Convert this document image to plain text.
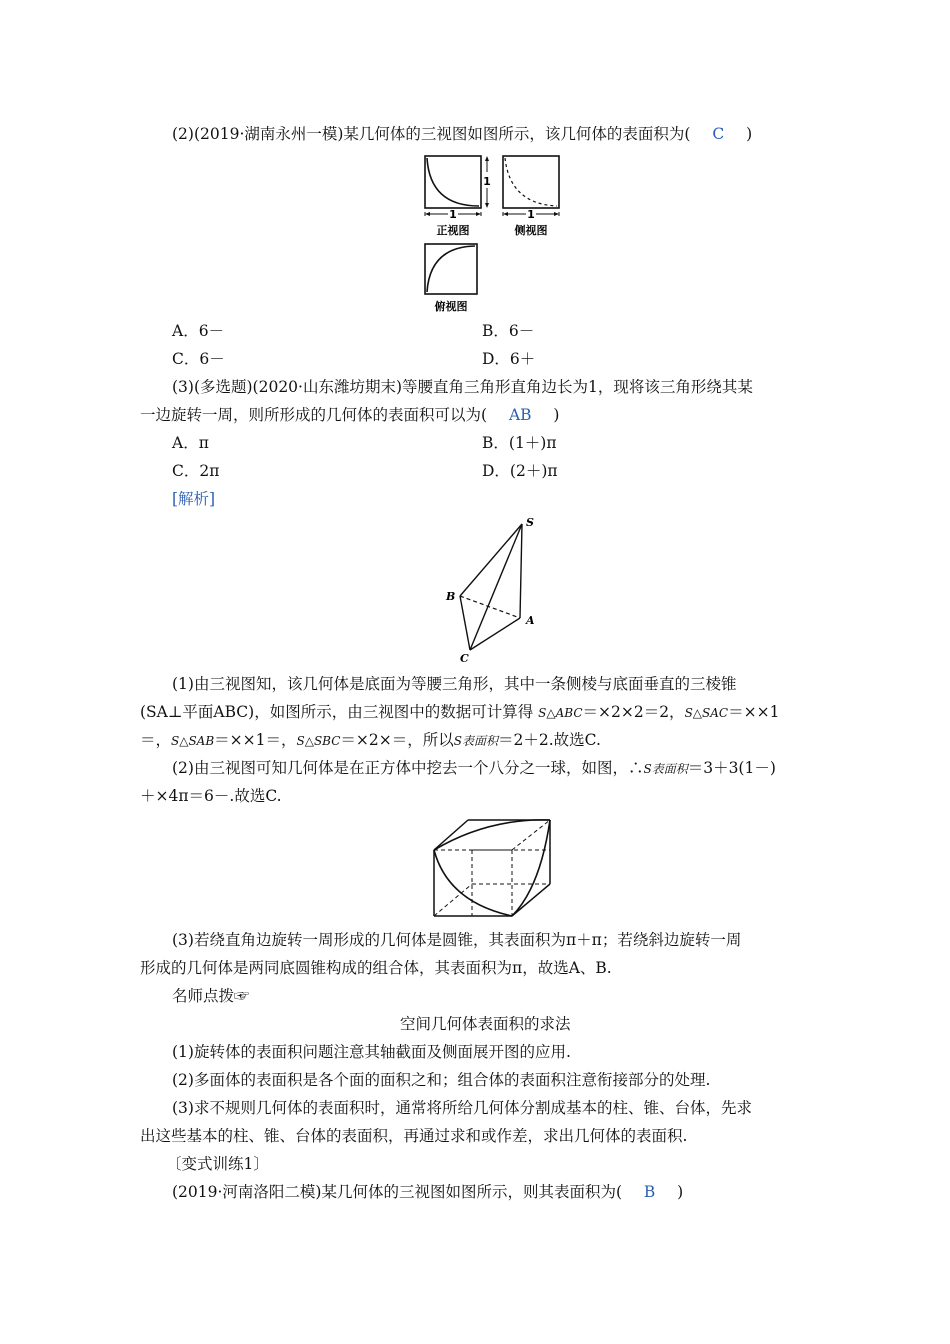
(2)(2019·湖南永州一模)某几何体的三视图如图所示，该几何体的表面积为( C )
1
1
1
正视图	侧视图
俯视图
A．6－	B．6－
C．6－	D．6＋
(3)(多选题)(2020·山东潍坊期末)等腰直角三角形直角边长为1，现将该三角形绕其某
一边旋转一周，则所形成的几何体的表面积可以为( AB )
A．π	B．(1＋)π
C．2π	D．(2＋)π
[解析]
S
B
A
C
(1)由三视图知，该几何体是底面为等腰三角形，其中一条侧棱与底面垂直的三棱锥
(SA⊥平面ABC)，如图所示，由三视图中的数据可计算得 S△ABC＝×2×2＝2，S△SAC＝××1
＝，S△SAB＝××1＝，S△SBC＝×2×＝，所以S表面积＝2＋2.故选C.
(2)由三视图可知几何体是在正方体中挖去一个八分之一球，如图，∴S表面积＝3＋3(1－)
＋×4π＝6－.故选C.
(3)若绕直角边旋转一周形成的几何体是圆锥，其表面积为π＋π；若绕斜边旋转一周
形成的几何体是两同底圆锥构成的组合体，其表面积为π，故选A、B.
名师点拨☞
空间几何体表面积的求法
(1)旋转体的表面积问题注意其轴截面及侧面展开图的应用.
(2)多面体的表面积是各个面的面积之和；组合体的表面积注意衔接部分的处理.
(3)求不规则几何体的表面积时，通常将所给几何体分割成基本的柱、锥、台体，先求
出这些基本的柱、锥、台体的表面积，再通过求和或作差，求出几何体的表面积.
〔变式训练1〕
(2019·河南洛阳二模)某几何体的三视图如图所示，则其表面积为( B )
